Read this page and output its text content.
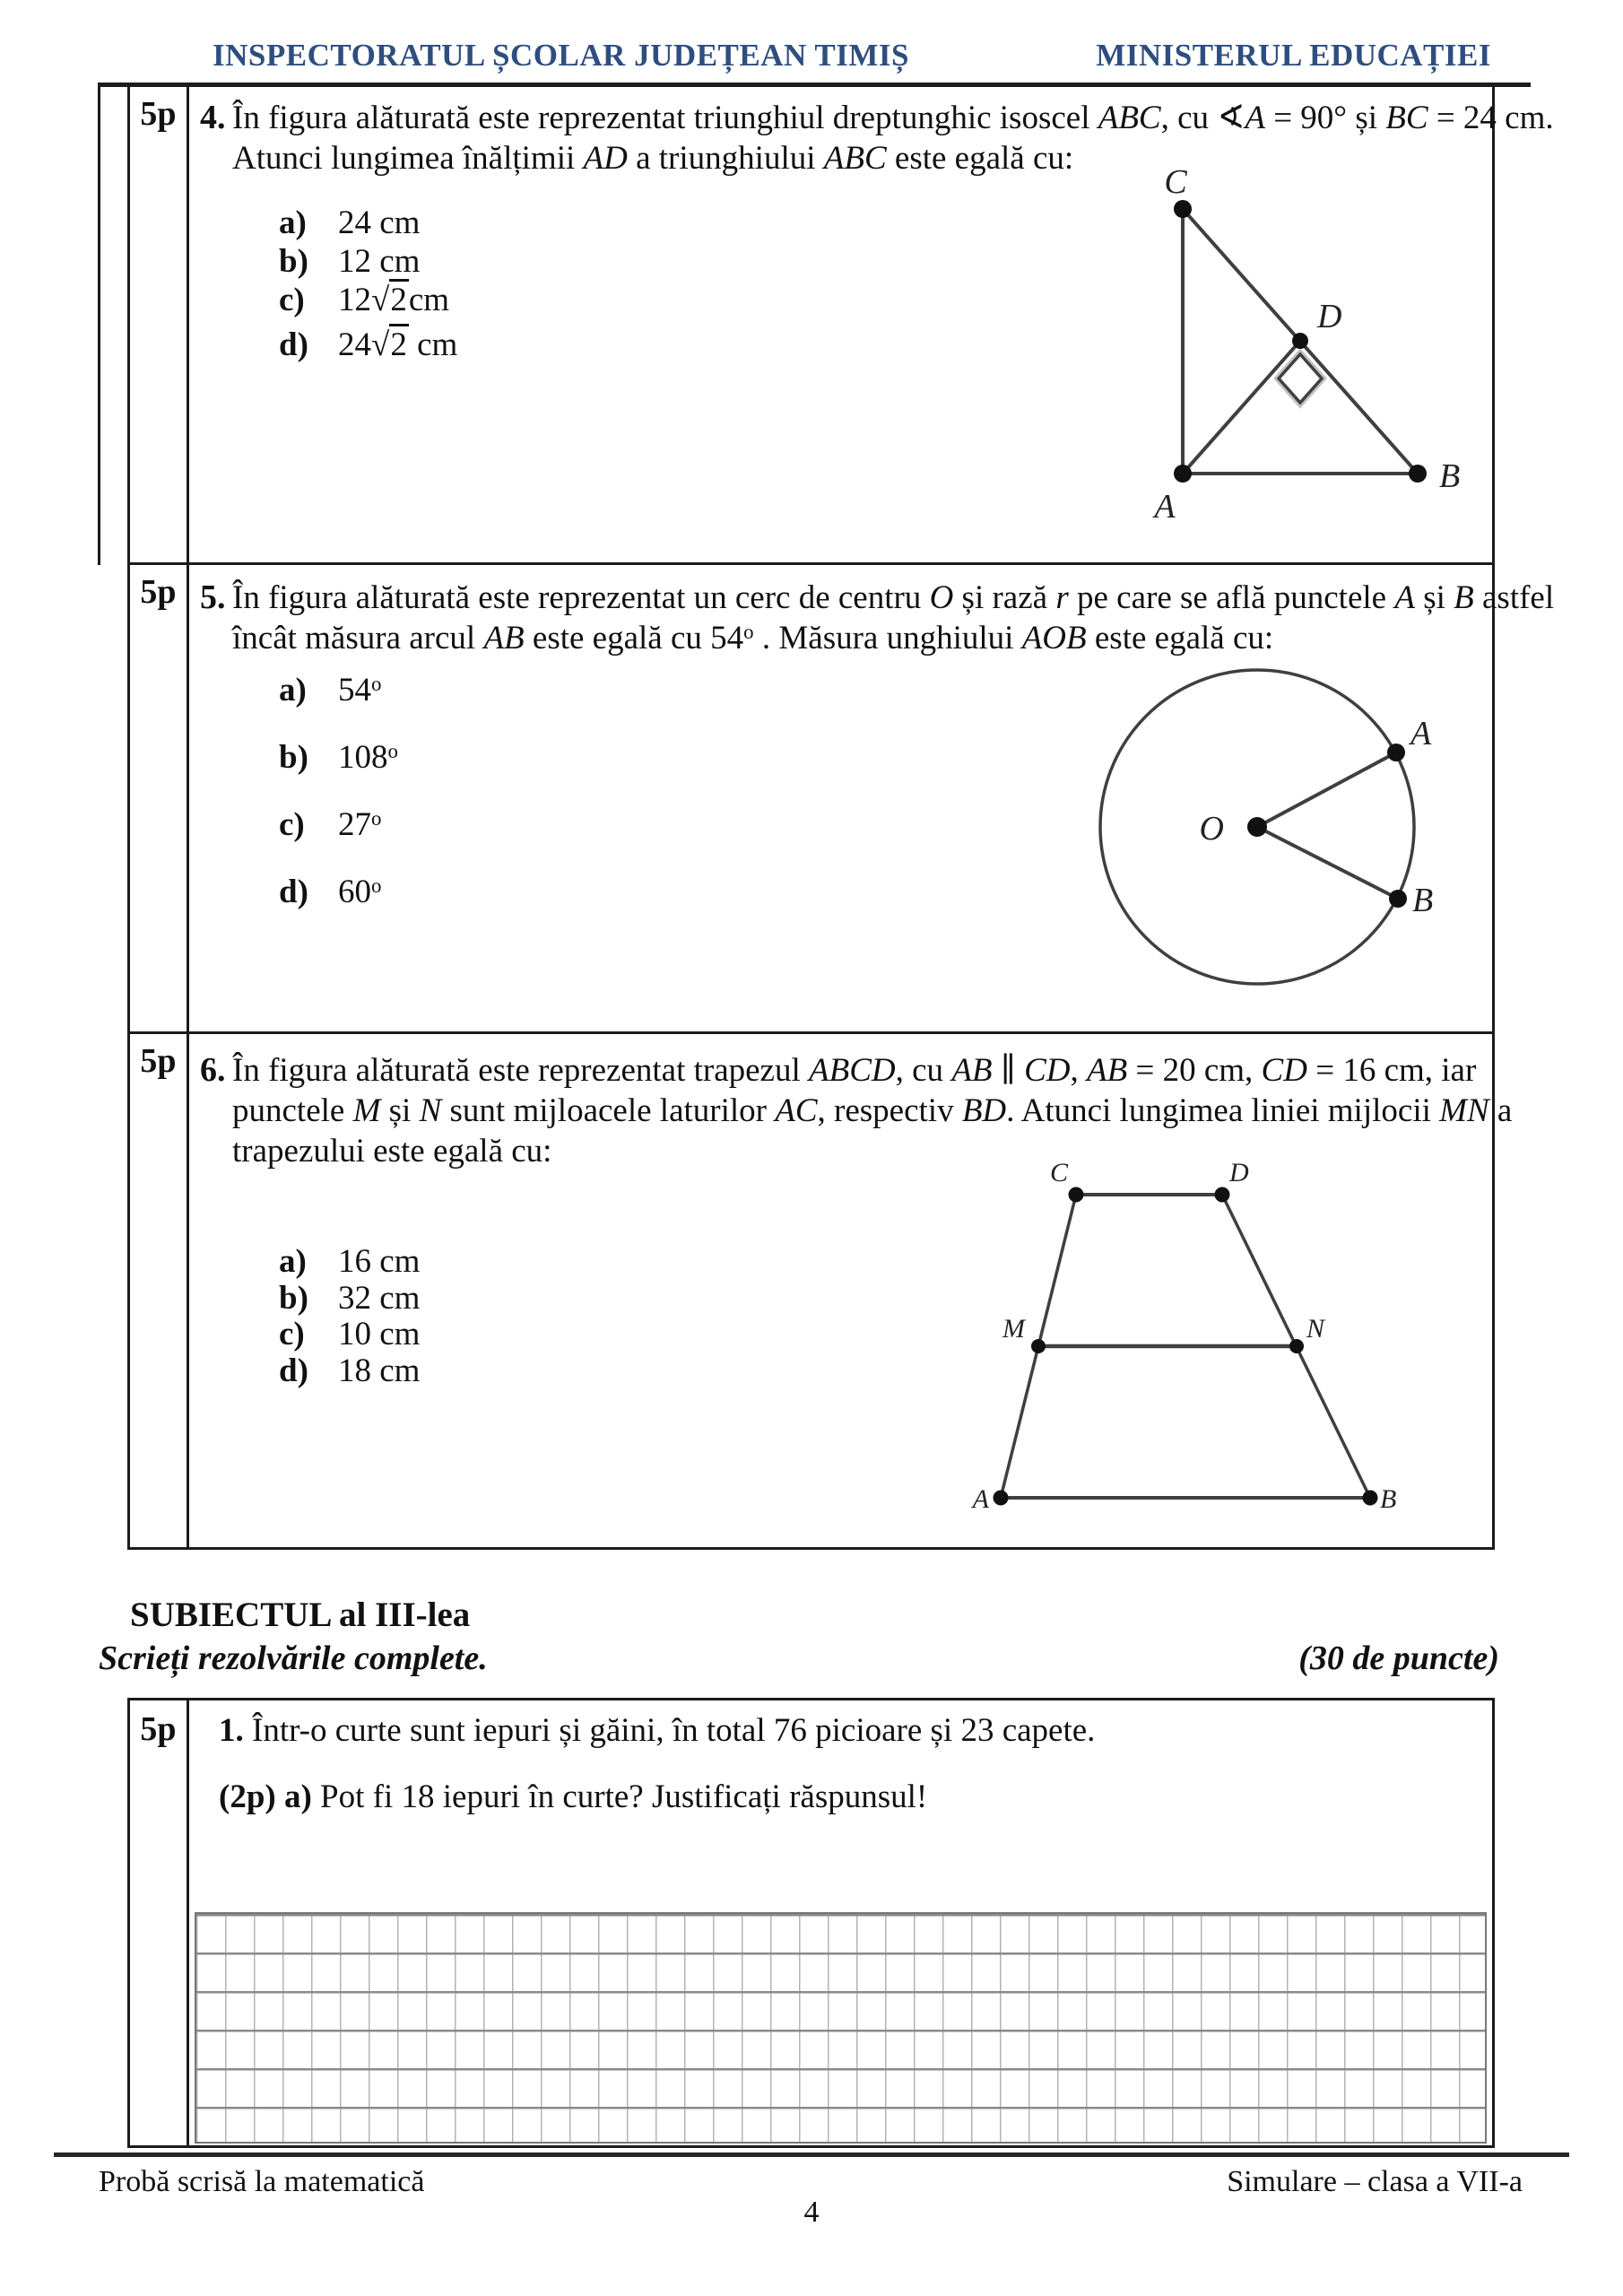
INSPECTORATUL ȘCOLAR JUDEȚEAN TIMIȘ	MINISTERUL EDUCAȚIEI
5p 4. În figura alăturată este reprezentat triunghiul dreptunghic isoscel ABC, cu ∢A = 90° și BC = 24 cm.
Atunci lungimea înălțimii AD a triunghiului ABC este egală cu:
a) 24 cm
b) 12 cm
c)	12√2cm
d) 24√2 cm
C
A
B
D
5p 5. În figura alăturată este reprezentat un cerc de centru O și rază r pe care se află punctele A și B astfel
încât măsura arcul AB este egală cu 54$^o$ . Măsura unghiului AOB este egală cu:
a) 54$^o$
b) 108$^o$
c)	27$^o$
d) 60$^o$
O
A
B
5p 6. În figura alăturată este reprezentat trapezul ABCD, cu AB ∥ CD, AB = 20 cm, CD = 16 cm, iar
punctele M și N sunt mijloacele laturilor AC, respectiv BD. Atunci lungimea liniei mijlocii MN a
trapezului este egală cu:
a) 16 cm
b) 32 cm
c)	10 cm
d) 18 cm
C	D
M	N
A	B
SUBIECTUL al III-lea
Scrieți rezolvările complete.	(30 de puncte)
5p	1. Într-o curte sunt iepuri și găini, în total 76 picioare și 23 capete.
(2p) a) Pot fi 18 iepuri în curte? Justificați răspunsul!
Probă scrisă la matematică	Simulare – clasa a VII-a
4
